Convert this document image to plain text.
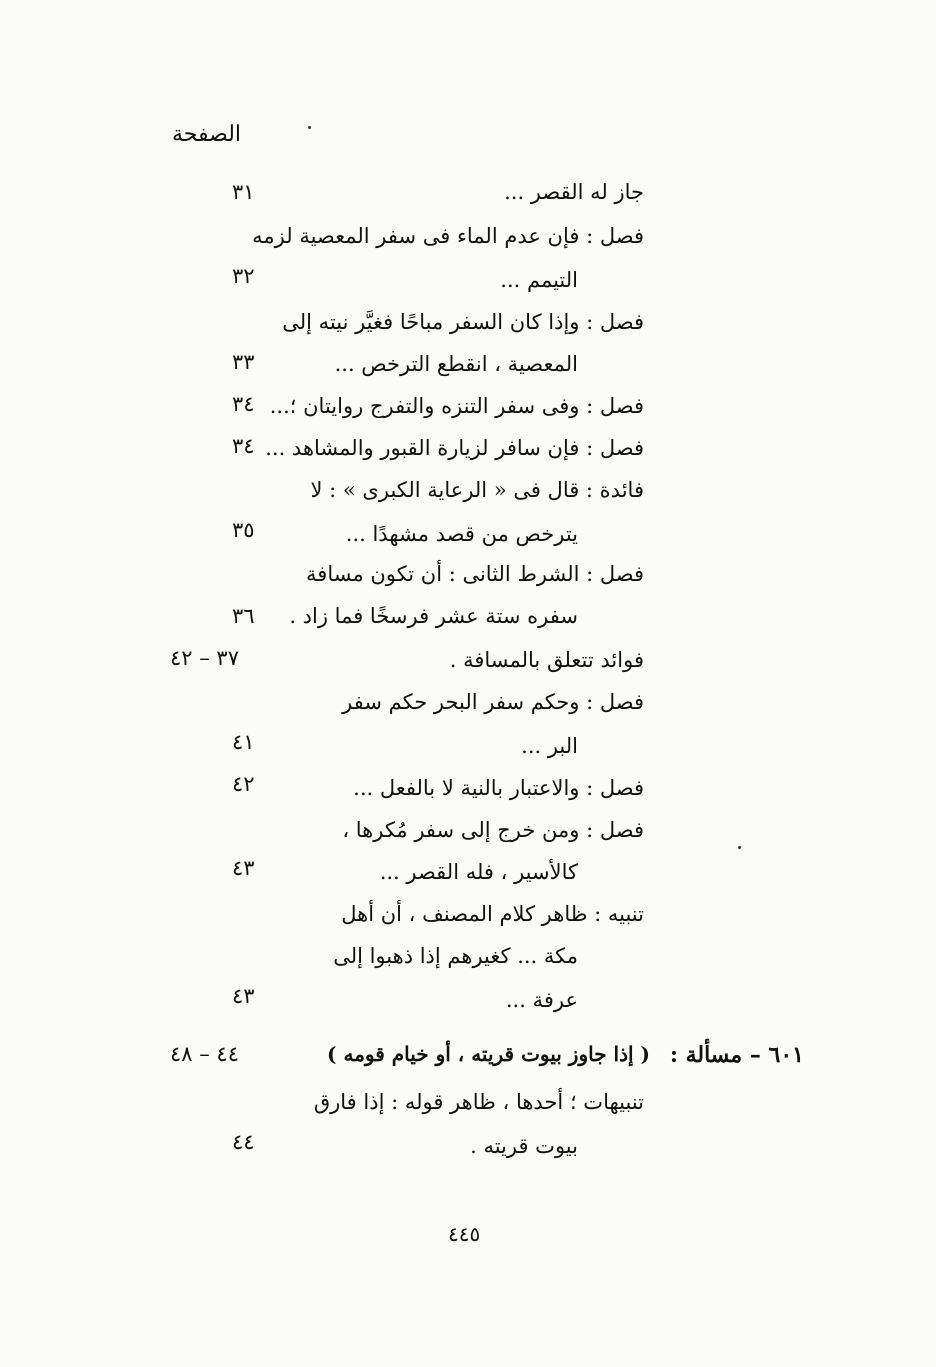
الصفحة
جاز له القصر ...
٣١
فصل : فإن عدم الماء فى سفر المعصية لزمه
التيمم ...
٣٢
فصل : وإذا كان السفر مباحًا فغيَّر نيته إلى
المعصية ، انقطع الترخص ...
٣٣
فصل : وفى سفر التنزه والتفرج روايتان ؛...
٣٤
فصل : فإن سافر لزيارة القبور والمشاهد ...
٣٤
فائدة : قال فى « الرعاية الكبرى » : لا
يترخص من قصد مشهدًا ...
٣٥
فصل : الشرط الثانى : أن تكون مسافة
سفره ستة عشر فرسخًا فما زاد .
٣٦
فوائد تتعلق بالمسافة .
٣٧ – ٤٢
فصل : وحكم سفر البحر حكم سفر
البر ...
٤١
فصل : والاعتبار بالنية لا بالفعل ...
٤٢
فصل : ومن خرج إلى سفر مُكرها ،
كالأسير ، فله القصر ...
٤٣
تنبيه : ظاهر كلام المصنف ، أن أهل
مكة ... كغيرهم إذا ذهبوا إلى
عرفة ...
٤٣
٦٠١ – مسألة :
( إذا جاوز بيوت قريته ، أو خيام قومه )
٤٤ – ٤٨
تنبيهات ؛ أحدها ، ظاهر قوله : إذا فارق
بيوت قريته .
٤٤
٤٤٥
